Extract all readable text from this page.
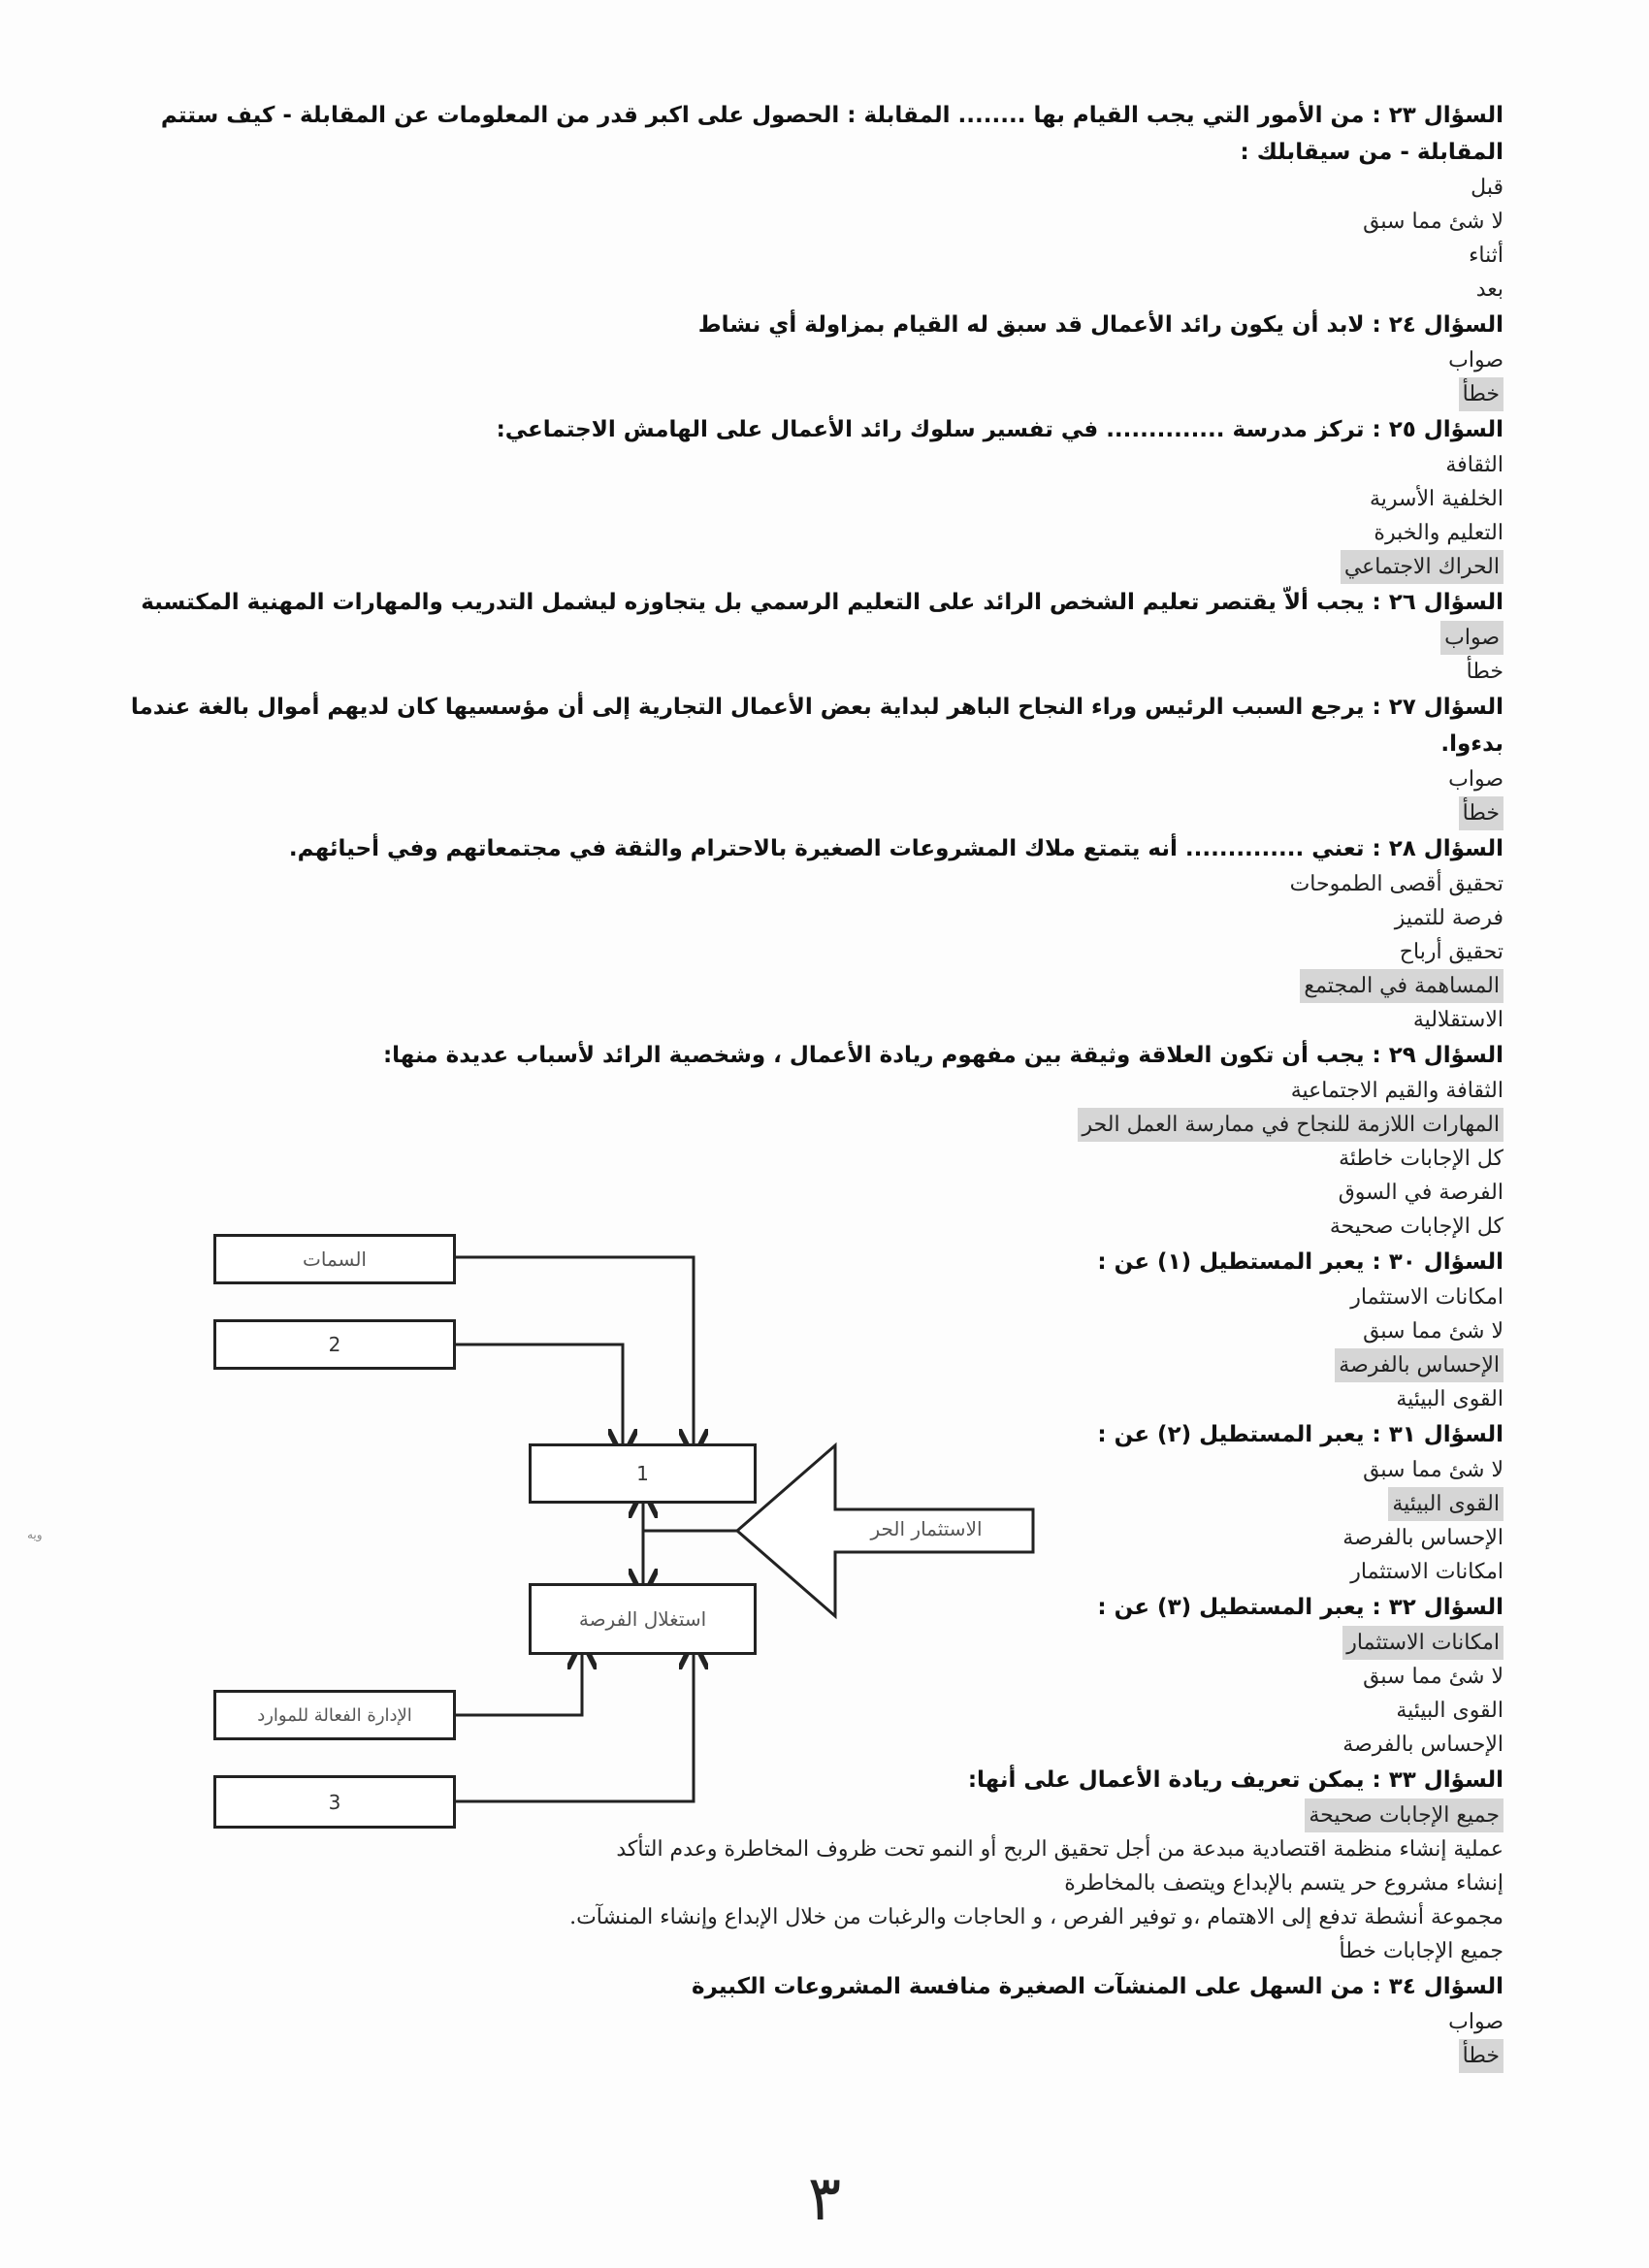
السؤال ٢٣ : من الأمور التي يجب القيام بها ........ المقابلة : الحصول على اكبر قدر من المعلومات عن المقابلة - كيف ستتم المقابلة - من سيقابلك :

قبل

لا شئ مما سبق

أثناء

بعد

السؤال ٢٤ : لابد أن يكون رائد الأعمال قد سبق له القيام بمزاولة أي نشاط

صواب

خطأ

السؤال ٢٥ : تركز مدرسة .............. في تفسير سلوك رائد الأعمال على الهامش الاجتماعي:

الثقافة

الخلفية الأسرية

التعليم والخبرة

الحراك الاجتماعي

السؤال ٢٦ : يجب ألاّ يقتصر تعليم الشخص الرائد على التعليم الرسمي بل يتجاوزه ليشمل التدريب والمهارات المهنية المكتسبة

صواب

خطأ

السؤال ٢٧ : يرجع السبب الرئيس وراء النجاح الباهر لبداية بعض الأعمال التجارية إلى أن مؤسسيها كان لديهم أموال بالغة عندما بدءوا.

صواب

خطأ

السؤال ٢٨ : تعني .............. أنه يتمتع ملاك المشروعات الصغيرة بالاحترام والثقة في مجتمعاتهم وفي أحيائهم.

تحقيق أقصى الطموحات

فرصة للتميز

تحقيق أرباح

المساهمة في المجتمع

الاستقلالية

السؤال ٢٩ : يجب أن تكون العلاقة وثيقة بين مفهوم ريادة الأعمال ، وشخصية الرائد لأسباب عديدة منها:

الثقافة والقيم الاجتماعية

المهارات اللازمة للنجاح في ممارسة العمل الحر

كل الإجابات خاطئة

الفرصة في السوق

كل الإجابات صحيحة

السؤال ٣٠ : يعبر المستطيل (١) عن :

امكانات الاستثمار

لا شئ مما سبق

الإحساس بالفرصة

القوى البيئية

السؤال ٣١ : يعبر المستطيل (٢) عن :

لا شئ مما سبق

القوى البيئية

الإحساس بالفرصة

امكانات الاستثمار

السؤال ٣٢ : يعبر المستطيل (٣) عن :

امكانات الاستثمار

لا شئ مما سبق

القوى البيئية

الإحساس بالفرصة

السؤال ٣٣ : يمكن تعريف ريادة الأعمال على أنها:

جميع الإجابات صحيحة

عملية إنشاء منظمة اقتصادية مبدعة من أجل تحقيق الربح أو النمو تحت ظروف المخاطرة وعدم التأكد

إنشاء مشروع حر يتسم بالإبداع ويتصف بالمخاطرة

مجموعة أنشطة تدفع إلى الاهتمام ،و توفير الفرص ، و الحاجات والرغبات من خلال الإبداع وإنشاء المنشآت.

جميع الإجابات خطأ

السؤال ٣٤ : من السهل على المنشآت الصغيرة منافسة المشروعات الكبيرة

صواب

خطأ

السمات
2
1
الاستثمار الحر
استغلال الفرصة
الإدارة الفعالة للموارد
3
ويه
٣
